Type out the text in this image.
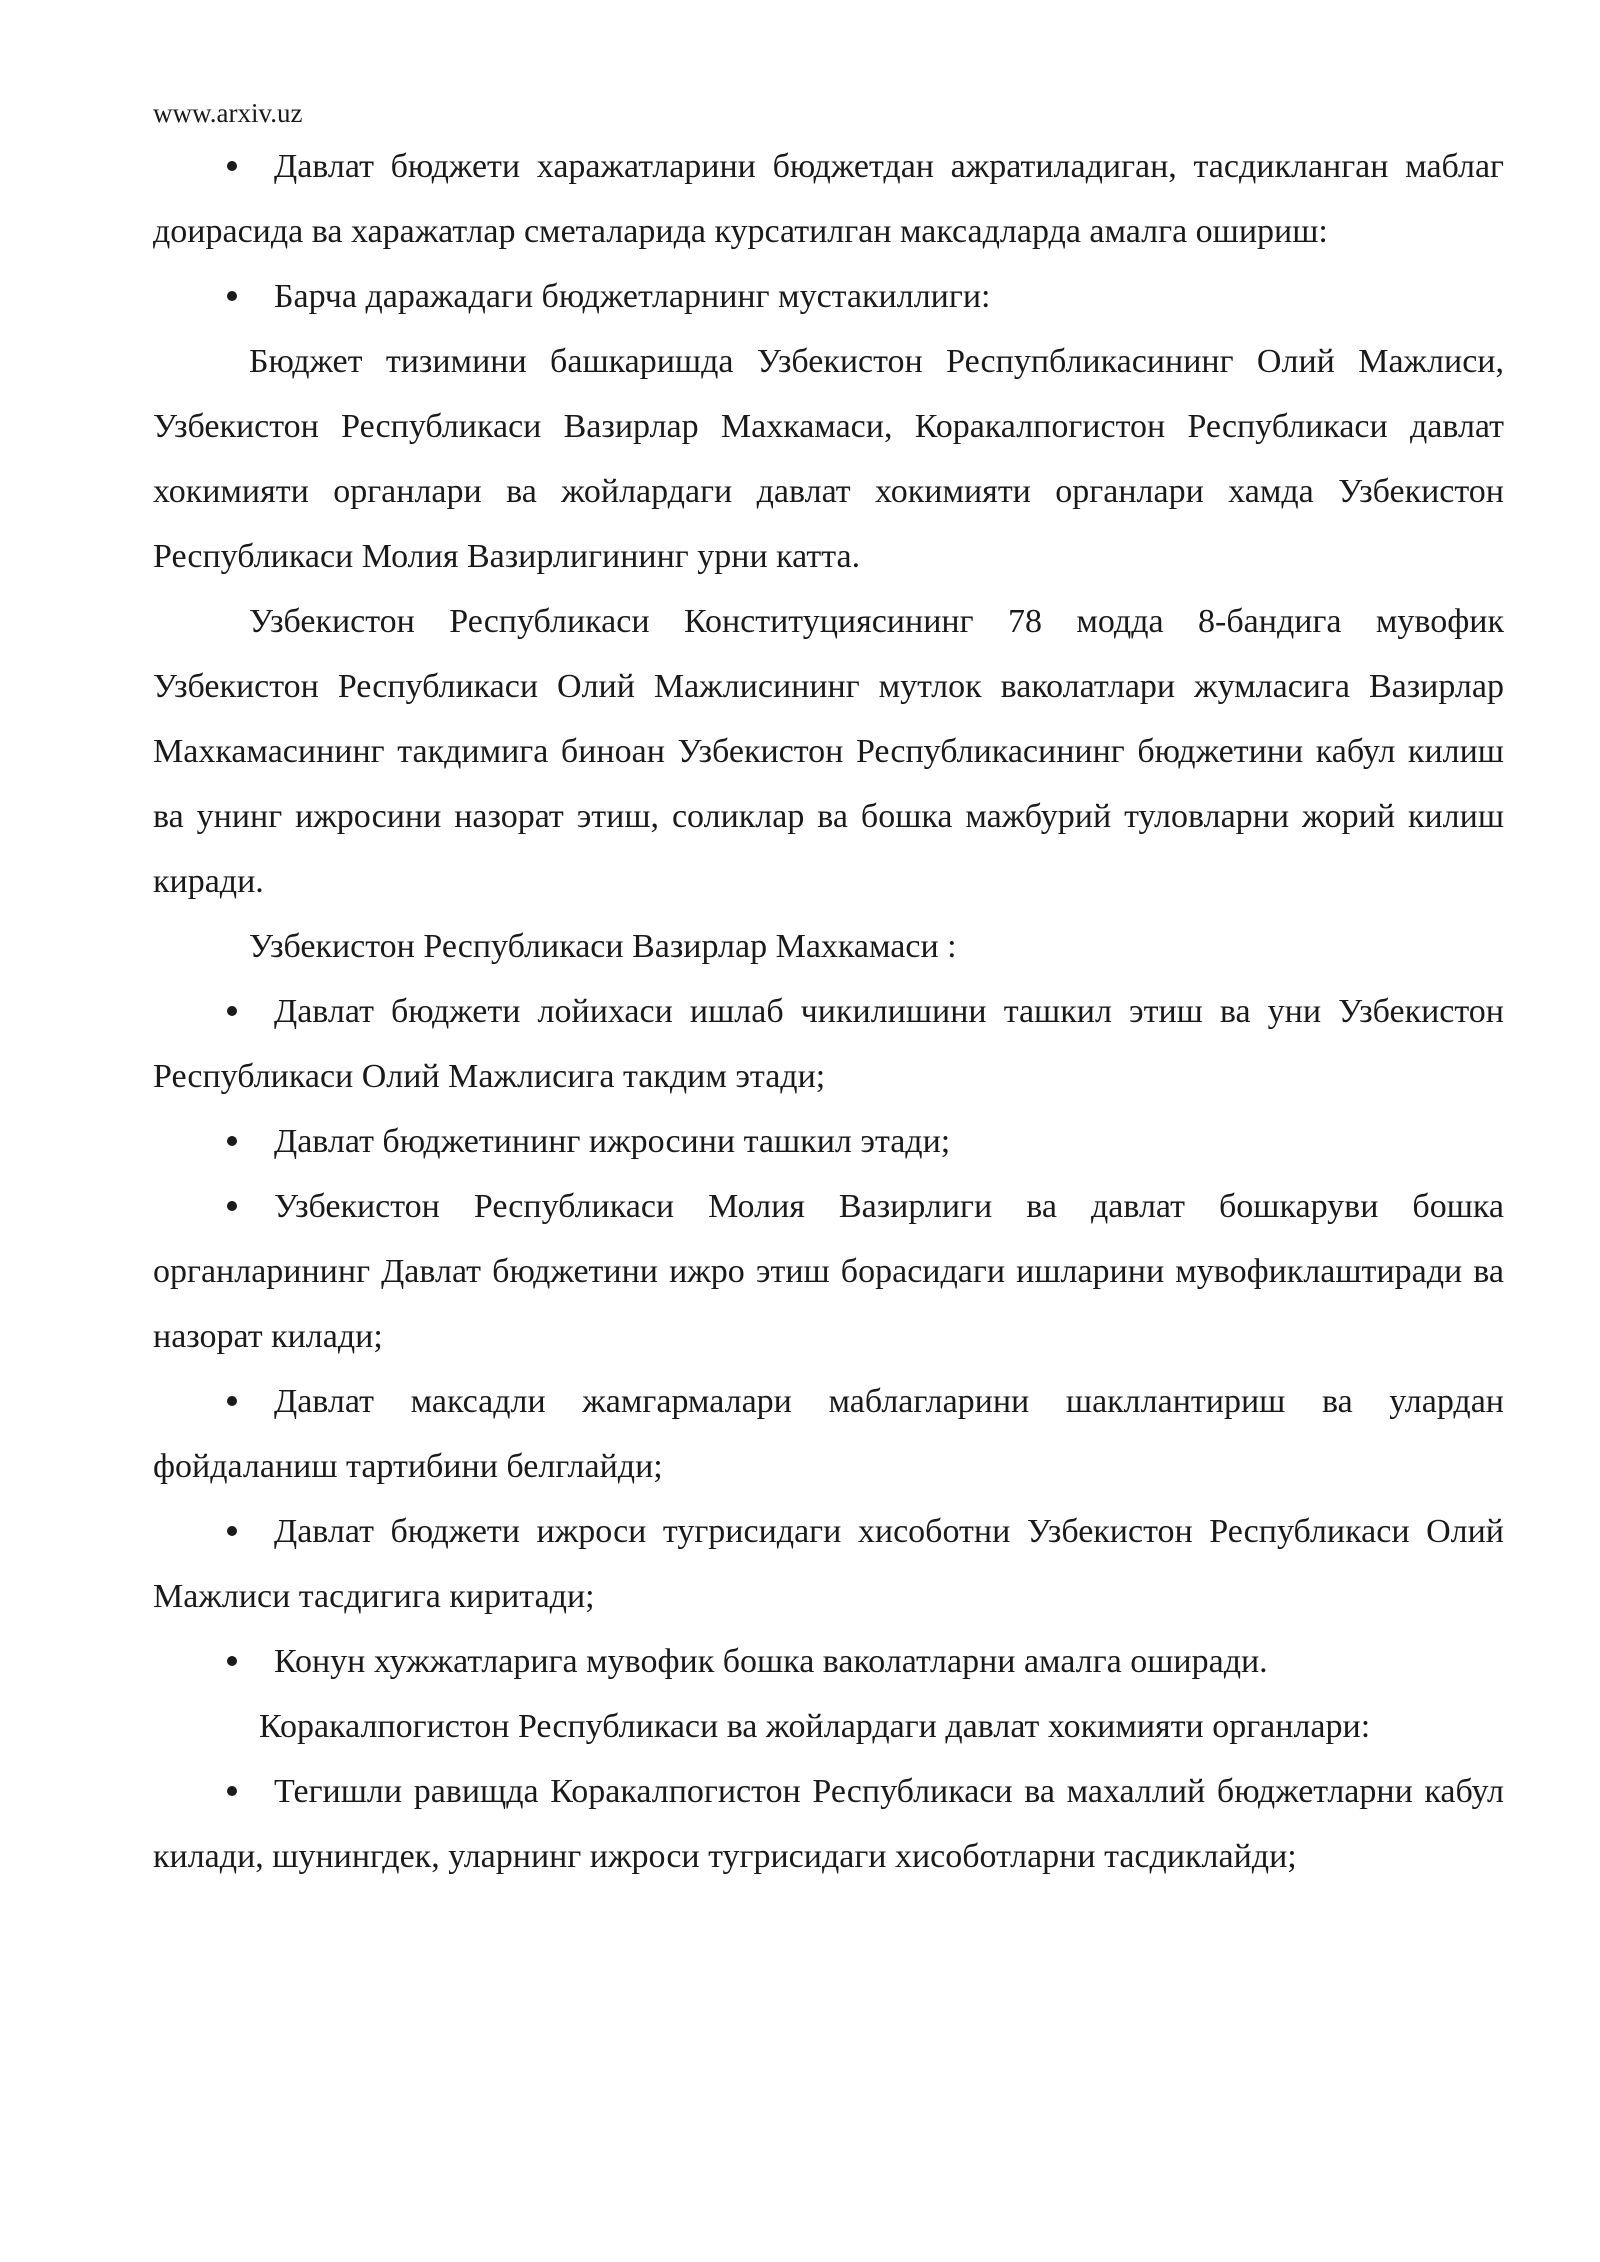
www.arxiv.uz

Давлат бюджети харажатларини бюджетдан ажратиладиган, тасдикланган маблаг доирасида ва харажатлар сметаларида курсатилган максадларда амалга ошириш:

Барча даражадаги бюджетларнинг мустакиллиги:

Бюджет тизимини башкаришда Узбекистон Респупбликасининг Олий Мажлиси, Узбекистон Республикаси Вазирлар Махкамаси, Коракалпогистон Республикаси давлат хокимияти органлари ва жойлардаги давлат хокимияти органлари хамда Узбекистон Республикаси Молия Вазирлигининг урни катта.

Узбекистон Республикаси Конституциясининг 78 модда 8-бандига мувофик Узбекистон Республикаси Олий Мажлисининг мутлок ваколатлари жумласига Вазирлар Махкамасининг такдимига биноан Узбекистон Республикасининг бюджетини кабул килиш ва унинг ижросини назорат этиш, соликлар ва бошка мажбурий туловларни жорий килиш киради.

Узбекистон Республикаси Вазирлар Махкамаси :

Давлат бюджети лойихаси ишлаб чикилишини ташкил этиш ва уни Узбекистон Республикаси Олий Мажлисига такдим этади;

Давлат бюджетининг ижросини ташкил этади;

Узбекистон Республикаси Молия Вазирлиги ва давлат бошкаруви бошка органларининг Давлат бюджетини ижро этиш борасидаги ишларини мувофиклаштиради ва назорат килади;

Давлат максадли жамгармалари маблагларини шакллантириш ва улардан фойдаланиш тартибини белглайди;

Давлат бюджети ижроси тугрисидаги хисоботни Узбекистон Республикаси Олий Мажлиси тасдигига киритади;

Конун хужжатларига мувофик бошка ваколатларни амалга оширади.

Коракалпогистон Республикаси ва жойлардаги давлат хокимияти органлари:

Тегишли равищда Коракалпогистон Республикаси ва махаллий бюджетларни кабул килади, шунингдек, уларнинг ижроси тугрисидаги хисоботларни тасдиклайди;
